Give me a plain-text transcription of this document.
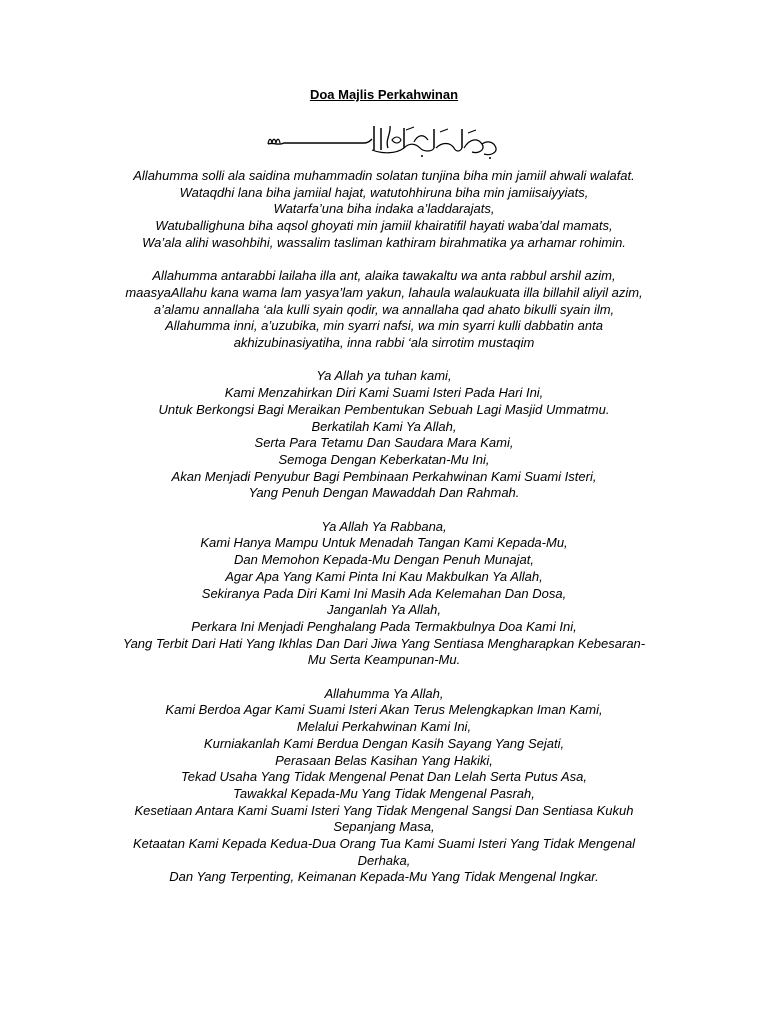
Doa Majlis Perkahwinan
Allahumma solli ala saidina muhammadin solatan tunjina biha min jamiil ahwali walafat.
Wataqdhi lana biha jamiial hajat, watutohhiruna biha min jamiisaiyyiats,
Watarfa’una biha indaka a’laddarajats,
Watuballighuna biha aqsol ghoyati min jamiil khairatifil hayati waba’dal mamats,
Wa’ala alihi wasohbihi, wassalim tasliman kathiram birahmatika ya arhamar rohimin.
Allahumma antarabbi lailaha illa ant, alaika tawakaltu wa anta rabbul arshil azim,
maasyaAllahu kana wama lam yasya’lam yakun, lahaula walaukuata illa billahil aliyil azim,
a’alamu annallaha ‘ala kulli syain qodir, wa annallaha qad ahato bikulli syain ilm,
Allahumma inni, a’uzubika, min syarri nafsi, wa min syarri kulli dabbatin anta
akhizubinasiyatiha, inna rabbi ‘ala sirrotim mustaqim
Ya Allah ya tuhan kami,
Kami Menzahirkan Diri Kami Suami Isteri Pada Hari Ini,
Untuk Berkongsi Bagi Meraikan Pembentukan Sebuah Lagi Masjid Ummatmu.
Berkatilah Kami Ya Allah,
Serta Para Tetamu Dan Saudara Mara Kami,
Semoga Dengan Keberkatan-Mu Ini,
Akan Menjadi Penyubur Bagi Pembinaan Perkahwinan Kami Suami Isteri,
Yang Penuh Dengan Mawaddah Dan Rahmah.
Ya Allah Ya Rabbana,
Kami Hanya Mampu Untuk Menadah Tangan Kami Kepada-Mu,
Dan Memohon Kepada-Mu Dengan Penuh Munajat,
Agar Apa Yang Kami Pinta Ini Kau Makbulkan Ya Allah,
Sekiranya Pada Diri Kami Ini Masih Ada Kelemahan Dan Dosa,
Janganlah Ya Allah,
Perkara Ini Menjadi Penghalang Pada Termakbulnya Doa Kami Ini,
Yang Terbit Dari Hati Yang Ikhlas Dan Dari Jiwa Yang Sentiasa Mengharapkan Kebesaran-
Mu Serta Keampunan-Mu.
Allahumma Ya Allah,
Kami Berdoa Agar Kami Suami Isteri Akan Terus Melengkapkan Iman Kami,
Melalui Perkahwinan Kami Ini,
Kurniakanlah Kami Berdua Dengan Kasih Sayang Yang Sejati,
Perasaan Belas Kasihan Yang Hakiki,
Tekad Usaha Yang Tidak Mengenal Penat Dan Lelah Serta Putus Asa,
Tawakkal Kepada-Mu Yang Tidak Mengenal Pasrah,
Kesetiaan Antara Kami Suami Isteri Yang Tidak Mengenal Sangsi Dan Sentiasa Kukuh
Sepanjang Masa,
Ketaatan Kami Kepada Kedua-Dua Orang Tua Kami Suami Isteri Yang Tidak Mengenal
Derhaka,
Dan Yang Terpenting, Keimanan Kepada-Mu Yang Tidak Mengenal Ingkar.
